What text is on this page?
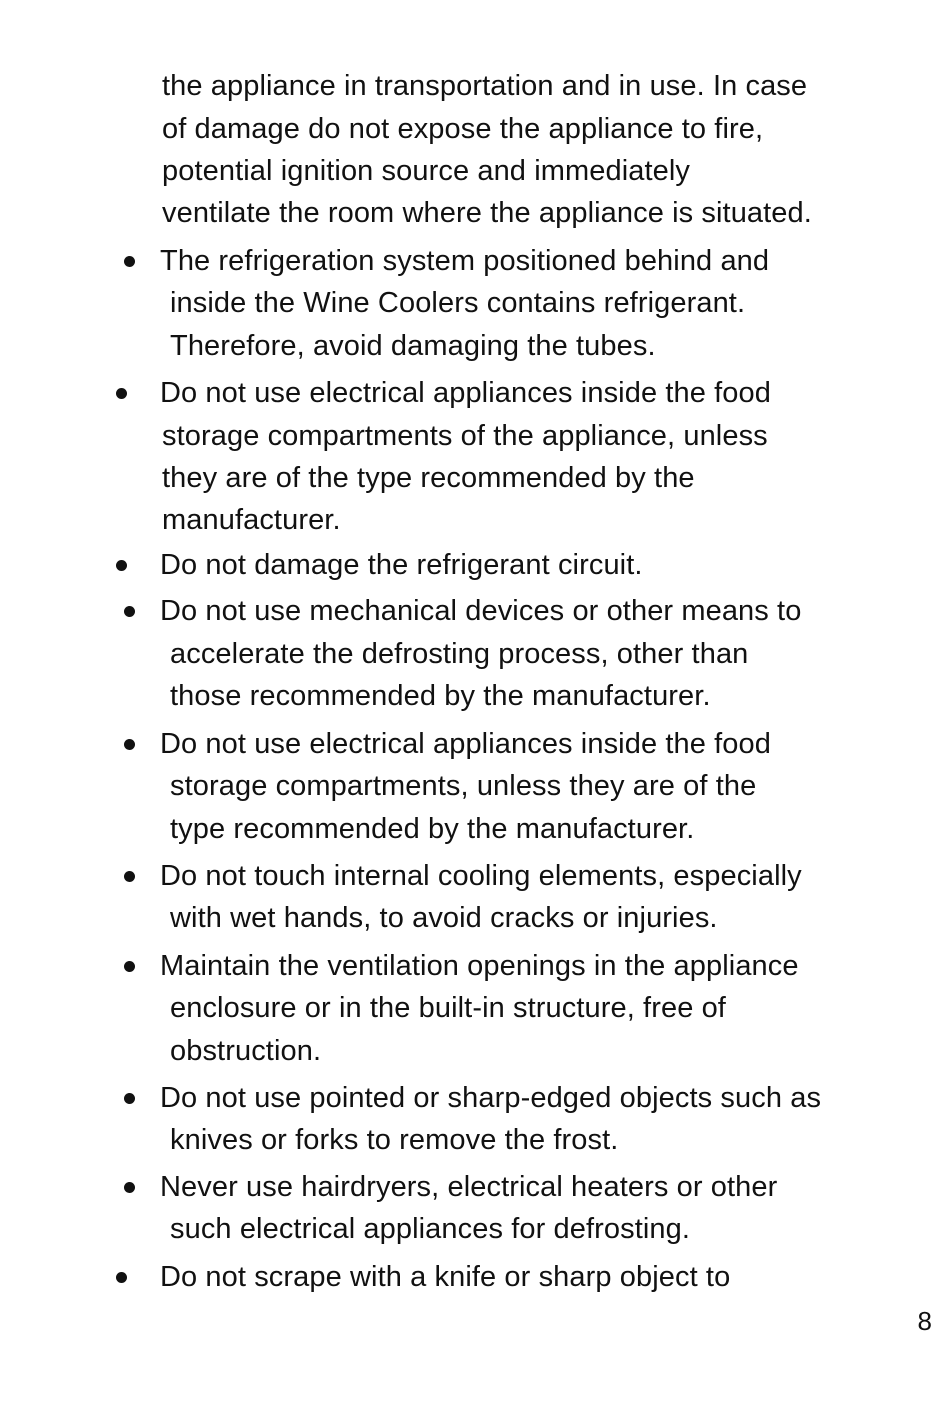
the appliance in transportation and in use. In case
of damage do not expose the appliance to fire,
potential ignition source and immediately
ventilate the room where the appliance is situated.
The refrigeration system positioned behind and
inside the Wine Coolers contains refrigerant.
Therefore, avoid damaging the tubes.
Do not use electrical appliances inside the food
storage compartments of the appliance, unless
they are of the type recommended by the
manufacturer.
Do not damage the refrigerant circuit.
Do not use mechanical devices or other means to
accelerate the defrosting process, other than
those recommended by the manufacturer.
Do not use electrical appliances inside the food
storage compartments, unless they are of the
type recommended by the manufacturer.
Do not touch internal cooling elements, especially
with wet hands, to avoid cracks or injuries.
Maintain the ventilation openings in the appliance
enclosure or in the built-in structure, free of
obstruction.
Do not use pointed or sharp-edged objects such as
knives or forks to remove the frost.
Never use hairdryers, electrical heaters or other
such electrical appliances for defrosting.
Do not scrape with a knife or sharp object to
8
